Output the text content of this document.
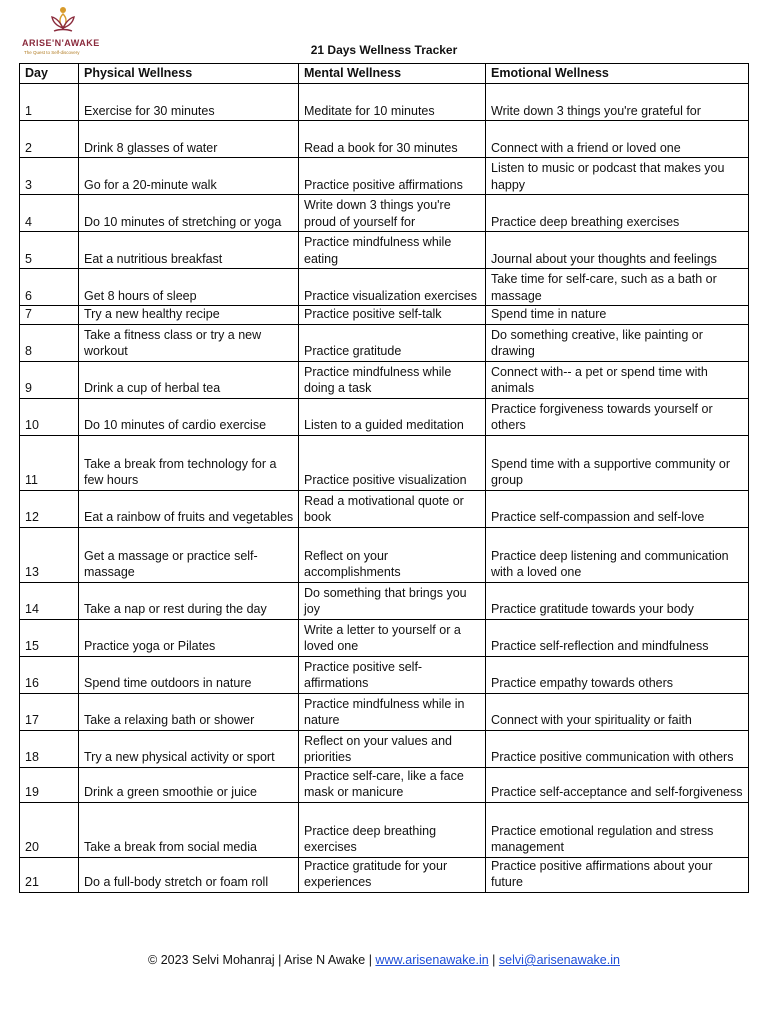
ARISE'N'AWAKE
The Quest to Self-discovery	21 Days Wellness Tracker
Day	Physical Wellness	Mental Wellness	Emotional Wellness
1	Exercise for 30 minutes	Meditate for 10 minutes	Write down 3 things you're grateful for
2	Drink 8 glasses of water	Read a book for 30 minutes	Connect with a friend or loved one
3	Go for a 20-minute walk	Practice positive affirmations	Listen to music or podcast that makes you happy
4	Do 10 minutes of stretching or yoga	Write down 3 things you're proud of yourself for	Practice deep breathing exercises
5	Eat a nutritious breakfast	Practice mindfulness while eating	Journal about your thoughts and feelings
6	Get 8 hours of sleep	Practice visualization exercises	Take time for self-care, such as a bath or massage
7	Try a new healthy recipe	Practice positive self-talk	Spend time in nature
8	Take a fitness class or try a new workout	Practice gratitude	Do something creative, like painting or drawing
9	Drink a cup of herbal tea	Practice mindfulness while doing a task	Connect with-- a pet or spend time with animals
10	Do 10 minutes of cardio exercise	Listen to a guided meditation	Practice forgiveness towards yourself or others
11	Take a break from technology for a few hours	Practice positive visualization	Spend time with a supportive community or group
12	Eat a rainbow of fruits and vegetables	Read a motivational quote or book	Practice self-compassion and self-love
13	Get a massage or practice self-massage	Reflect on your accomplishments	Practice deep listening and communication with a loved one
14	Take a nap or rest during the day	Do something that brings you joy	Practice gratitude towards your body
15	Practice yoga or Pilates	Write a letter to yourself or a loved one	Practice self-reflection and mindfulness
16	Spend time outdoors in nature	Practice positive self-affirmations	Practice empathy towards others
17	Take a relaxing bath or shower	Practice mindfulness while in nature	Connect with your spirituality or faith
18	Try a new physical activity or sport	Reflect on your values and priorities	Practice positive communication with others
19	Drink a green smoothie or juice	Practice self-care, like a face mask or manicure	Practice self-acceptance and self-forgiveness
20	Take a break from social media	Practice deep breathing exercises	Practice emotional regulation and stress management
21	Do a full-body stretch or foam roll	Practice gratitude for your experiences	Practice positive affirmations about your future
© 2023 Selvi Mohanraj | Arise N Awake | www.arisenawake.in | selvi@arisenawake.in
